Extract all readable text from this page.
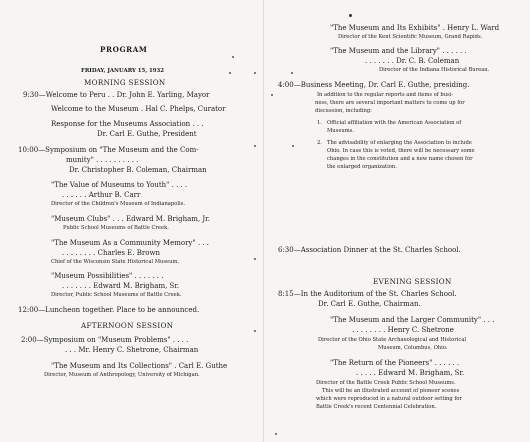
PROGRAM
FRIDAY, JANUARY 15, 1932
MORNING SESSION
9:30—Welcome to Peru . . Dr. John E. Yarling, Mayor
Welcome to the Museum . Hal C. Phelps, Curator
Response for the Museums Association . . .
Dr. Carl E. Guthe, President
10:00—Symposium on "The Museum and the Com-
munity" . . . . . . . . . .
Dr. Christopher B. Coleman, Chairman
"The Value of Museums to Youth" . . . .
. . . . . . Arthur B. Carr
Director of the Children's Museum of Indianapolis.
"Museum Clubs" . . . Edward M. Brigham, Jr.
Public School Museums of Battle Creek.
"The Museum As a Community Memory" . . .
. . . . . . . . Charles E. Brown
Chief of the Wisconsin State Historical Museum.
"Museum Possibilities" . . . . . . .
. . . . . . . Edward M. Brigham, Sr.
Director, Public School Museums of Battle Creek.
12:00—Luncheon together. Place to be announced.
AFTERNOON SESSION
2:00—Symposium on "Museum Problems" . . . .
. . . Mr. Henry C. Shetrone, Chairman
"The Museum and Its Collections" . Carl E. Guthe
Director, Museum of Anthropology, University of Michigan.
"The Museum and Its Exhibits" . Henry L. Ward
Director of the Kent Scientific Museum, Grand Rapids.
"The Museum and the Library" . . . . . .
. . . . . . . Dr. C. B. Coleman
Director of the Indiana Historical Bureau.
4:00—Business Meeting, Dr. Carl E. Guthe, presiding.
In addition to the regular reports and items of busi-
ness, there are several important matters to come up for
discussion, including:
1. Official affiliation with the American Association of
Museums.
2. The advisability of enlarging the Association to include
Ohio. In case this is voted, there will be necessary some
changes in the constitution and a new name chosen for
the enlarged organization.
6:30—Association Dinner at the St. Charles School.
EVENING SESSION
8:15—In the Auditorium of the St. Charles School.
Dr. Carl E. Guthe, Chairman.
"The Museum and the Larger Community" . . .
. . . . . . . . Henry C. Shetrone
Director of the Ohio State Archaeological and Historical
Museum, Columbus, Ohio.
"The Return of the Pioneers" . . . . . .
. . . . . Edward M. Brigham, Sr.
Director of the Battle Creek Public School Museums.
This will be an illustrated account of pioneer scenes
which were reproduced in a natural outdoor setting for
Battle Creek's recent Centennial Celebration.
